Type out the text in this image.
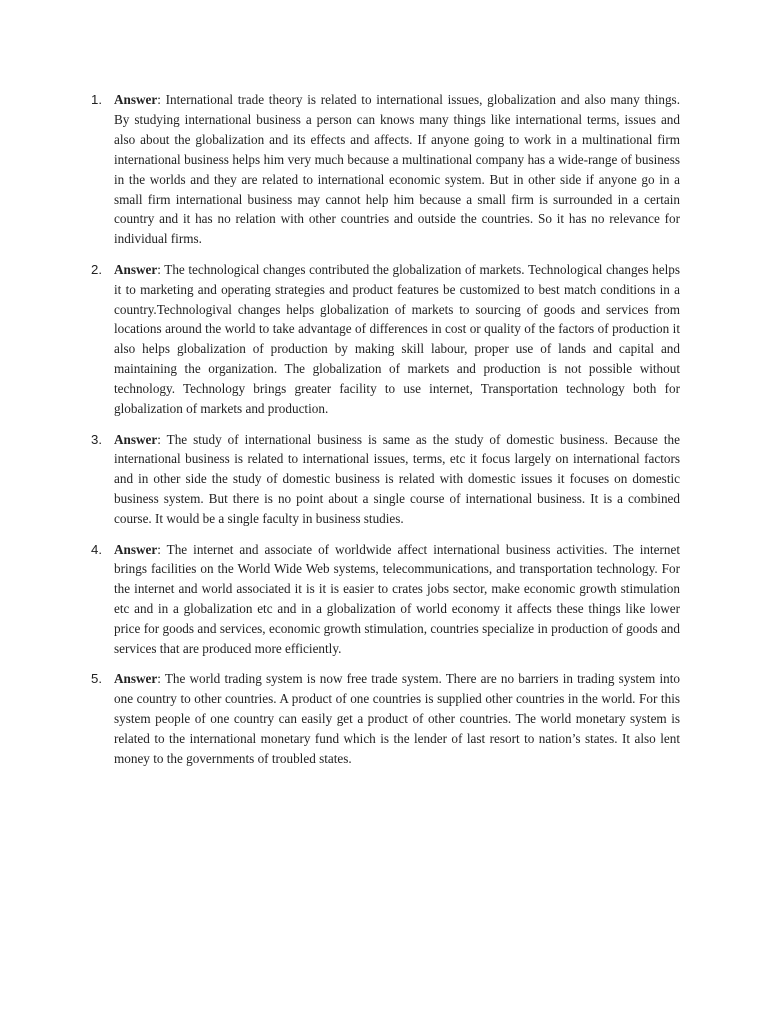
1. Answer: International trade theory is related to international issues, globalization and also many things. By studying international business a person can knows many things like international terms, issues and also about the globalization and its effects and affects. If anyone going to work in a multinational firm international business helps him very much because a multinational company has a wide-range of business in the worlds and they are related to international economic system. But in other side if anyone go in a small firm international business may cannot help him because a small firm is surrounded in a certain country and it has no relation with other countries and outside the countries. So it has no relevance for individual firms.
2. Answer: The technological changes contributed the globalization of markets. Technological changes helps it to marketing and operating strategies and product features be customized to best match conditions in a country.Technologival changes helps globalization of markets to sourcing of goods and services from locations around the world to take advantage of differences in cost or quality of the factors of production it also helps globalization of production by making skill labour, proper use of lands and capital and maintaining the organization. The globalization of markets and production is not possible without technology. Technology brings greater facility to use internet, Transportation technology both for globalization of markets and production.
3. Answer: The study of international business is same as the study of domestic business. Because the international business is related to international issues, terms, etc it focus largely on international factors and in other side the study of domestic business is related with domestic issues it focuses on domestic business system. But there is no point about a single course of international business. It is a combined course. It would be a single faculty in business studies.
4. Answer: The internet and associate of worldwide affect international business activities. The internet brings facilities on the World Wide Web systems, telecommunications, and transportation technology. For the internet and world associated it is it is easier to crates jobs sector, make economic growth stimulation etc and in a globalization etc and in a globalization of world economy it affects these things like lower price for goods and services, economic growth stimulation, countries specialize in production of goods and services that are produced more efficiently.
5. Answer: The world trading system is now free trade system. There are no barriers in trading system into one country to other countries. A product of one countries is supplied other countries in the world. For this system people of one country can easily get a product of other countries. The world monetary system is related to the international monetary fund which is the lender of last resort to nation’s states. It also lent money to the governments of troubled states.
